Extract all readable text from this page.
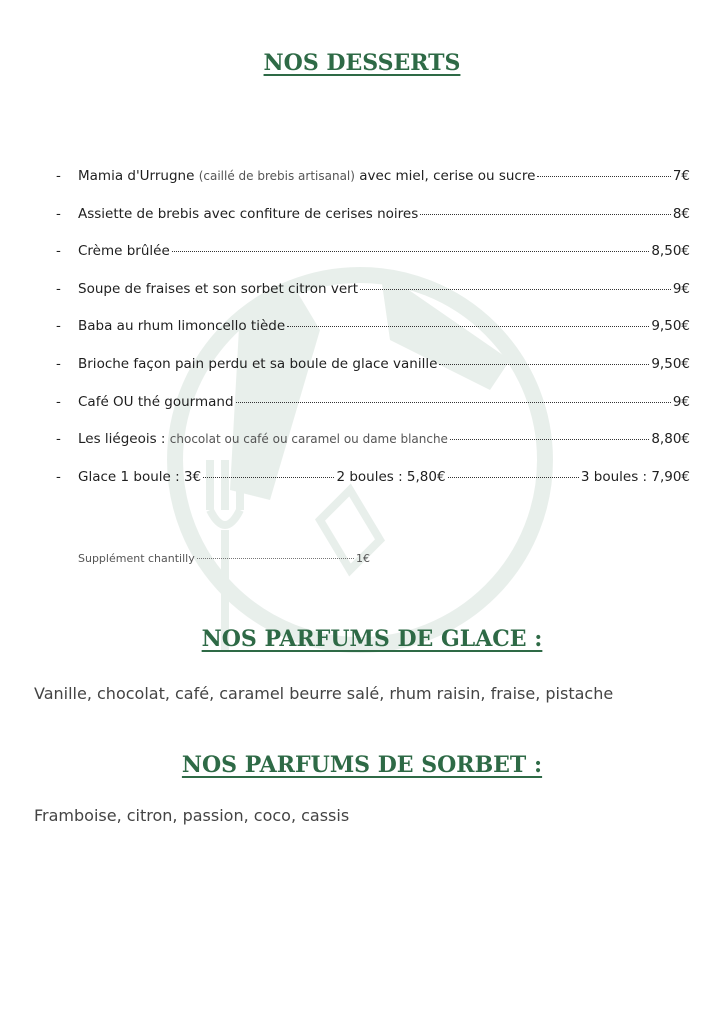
NOS DESSERTS
-	Mamia d'Urrugne
(caillé de brebis artisanal)
avec miel, cerise ou sucre	7€
-	Assiette de brebis avec confiture de cerises noires	8€
-	Crème brûlée	8,50€
-	Soupe de fraises et son sorbet citron vert	9€
-	Baba au rhum limoncello tiède	9,50€
-	Brioche façon pain perdu et sa boule de glace vanille	9,50€
-	Café OU thé gourmand	9€
-	Les liégeois :
chocolat ou café ou caramel ou dame blanche	8,80€
-	Glace 1 boule : 3€	2 boules : 5,80€	3 boules : 7,90€
Supplément chantilly	1€
NOS PARFUMS DE GLACE :
Vanille, chocolat, café, caramel beurre salé, rhum raisin, fraise, pistache
NOS PARFUMS DE SORBET :
Framboise, citron, passion, coco, cassis
